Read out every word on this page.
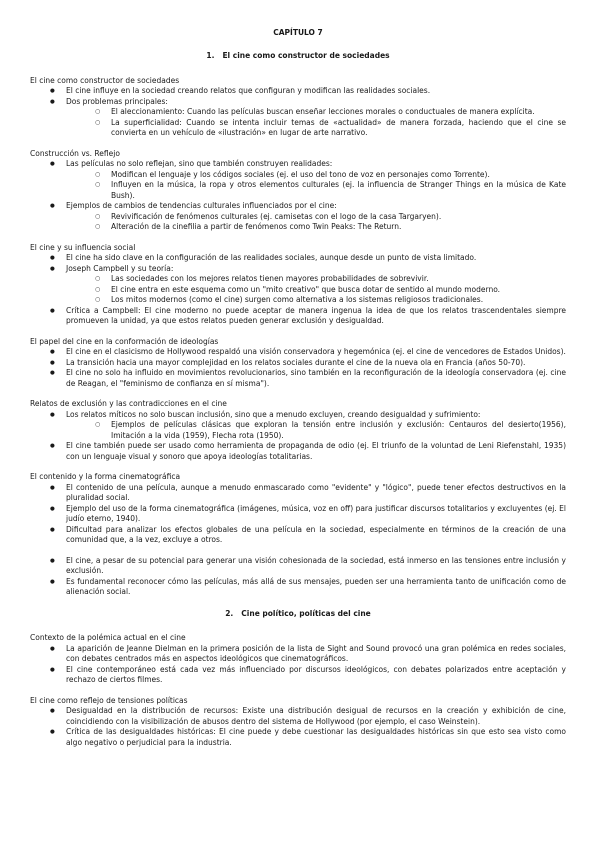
CAPÍTULO 7
1. El cine como constructor de sociedades
El cine como constructor de sociedades
● El cine influye en la sociedad creando relatos que configuran y modifican las realidades sociales.
● Dos problemas principales:
○ El aleccionamiento: Cuando las películas buscan enseñar lecciones morales o conductuales de manera explícita.
○ La superficialidad: Cuando se intenta incluir temas de «actualidad» de manera forzada, haciendo que el cine se convierta en un vehículo de «ilustración» en lugar de arte narrativo.
Construcción vs. Reflejo
● Las películas no solo reflejan, sino que también construyen realidades:
○ Modifican el lenguaje y los códigos sociales (ej. el uso del tono de voz en personajes como Torrente).
○ Influyen en la música, la ropa y otros elementos culturales (ej. la influencia de Stranger Things en la música de Kate Bush).
● Ejemplos de cambios de tendencias culturales influenciados por el cine:
○ Revivificación de fenómenos culturales (ej. camisetas con el logo de la casa Targaryen).
○ Alteración de la cinefilia a partir de fenómenos como Twin Peaks: The Return.
El cine y su influencia social
● El cine ha sido clave en la configuración de las realidades sociales, aunque desde un punto de vista limitado.
● Joseph Campbell y su teoría:
○ Las sociedades con los mejores relatos tienen mayores probabilidades de sobrevivir.
○ El cine entra en este esquema como un "mito creativo" que busca dotar de sentido al mundo moderno.
○ Los mitos modernos (como el cine) surgen como alternativa a los sistemas religiosos tradicionales.
● Crítica a Campbell: El cine moderno no puede aceptar de manera ingenua la idea de que los relatos trascendentales siempre promueven la unidad, ya que estos relatos pueden generar exclusión y desigualdad.
El papel del cine en la conformación de ideologías
● El cine en el clasicismo de Hollywood respaldó una visión conservadora y hegemónica (ej. el cine de vencedores de Estados Unidos).
● La transición hacia una mayor complejidad en los relatos sociales durante el cine de la nueva ola en Francia (años 50-70).
● El cine no solo ha influido en movimientos revolucionarios, sino también en la reconfiguración de la ideología conservadora (ej. cine de Reagan, el "feminismo de confianza en sí misma").
Relatos de exclusión y las contradicciones en el cine
● Los relatos míticos no solo buscan inclusión, sino que a menudo excluyen, creando desigualdad y sufrimiento:
○ Ejemplos de películas clásicas que exploran la tensión entre inclusión y exclusión: Centauros del desierto(1956), Imitación a la vida (1959), Flecha rota (1950).
● El cine también puede ser usado como herramienta de propaganda de odio (ej. El triunfo de la voluntad de Leni Riefenstahl, 1935) con un lenguaje visual y sonoro que apoya ideologías totalitarias.
El contenido y la forma cinematográfica
● El contenido de una película, aunque a menudo enmascarado como "evidente" y "lógico", puede tener efectos destructivos en la pluralidad social.
● Ejemplo del uso de la forma cinematográfica (imágenes, música, voz en off) para justificar discursos totalitarios y excluyentes (ej. El judío eterno, 1940).
● Dificultad para analizar los efectos globales de una película en la sociedad, especialmente en términos de la creación de una comunidad que, a la vez, excluye a otros.
● El cine, a pesar de su potencial para generar una visión cohesionada de la sociedad, está inmerso en las tensiones entre inclusión y exclusión.
● Es fundamental reconocer cómo las películas, más allá de sus mensajes, pueden ser una herramienta tanto de unificación como de alienación social.
2. Cine político, políticas del cine
Contexto de la polémica actual en el cine
● La aparición de Jeanne Dielman en la primera posición de la lista de Sight and Sound provocó una gran polémica en redes sociales, con debates centrados más en aspectos ideológicos que cinematográficos.
● El cine contemporáneo está cada vez más influenciado por discursos ideológicos, con debates polarizados entre aceptación y rechazo de ciertos filmes.
El cine como reflejo de tensiones políticas
● Desigualdad en la distribución de recursos: Existe una distribución desigual de recursos en la creación y exhibición de cine, coincidiendo con la visibilización de abusos dentro del sistema de Hollywood (por ejemplo, el caso Weinstein).
● Crítica de las desigualdades históricas: El cine puede y debe cuestionar las desigualdades históricas sin que esto sea visto como algo negativo o perjudicial para la industria.
